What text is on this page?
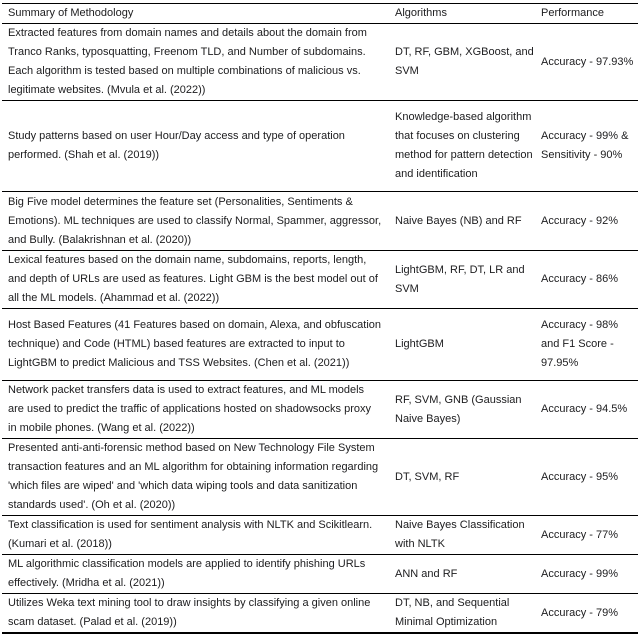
Summary of Methodology	Algorithms	Performance
Extracted features from domain names and details about the domain from Tranco Ranks, typosquatting, Freenom TLD, and Number of subdomains. Each algorithm is tested based on multiple combinations of malicious vs. legitimate websites. (Mvula et al. (2022))	DT, RF, GBM, XGBoost, and SVM	Accuracy - 97.93%
Study patterns based on user Hour/Day access and type of operation performed. (Shah et al. (2019))	Knowledge-based algorithm that focuses on clustering method for pattern detection and identification	Accuracy - 99% & Sensitivity - 90%
Big Five model determines the feature set (Personalities, Sentiments & Emotions). ML techniques are used to classify Normal, Spammer, aggressor, and Bully. (Balakrishnan et al. (2020))	Naive Bayes (NB) and RF	Accuracy - 92%
Lexical features based on the domain name, subdomains, reports, length, and depth of URLs are used as features. Light GBM is the best model out of all the ML models. (Ahammad et al. (2022))	LightGBM, RF, DT, LR and SVM	Accuracy - 86%
Host Based Features (41 Features based on domain, Alexa, and obfuscation technique) and Code (HTML) based features are extracted to input to LightGBM to predict Malicious and TSS Websites. (Chen et al. (2021))	LightGBM	Accuracy - 98% and F1 Score - 97.95%
Network packet transfers data is used to extract features, and ML models are used to predict the traffic of applications hosted on shadowsocks proxy in mobile phones. (Wang et al. (2022))	RF, SVM, GNB (Gaussian Naive Bayes)	Accuracy - 94.5%
Presented anti-anti-forensic method based on New Technology File System transaction features and an ML algorithm for obtaining information regarding 'which files are wiped' and 'which data wiping tools and data sanitization standards used'. (Oh et al. (2020))	DT, SVM, RF	Accuracy - 95%
Text classification is used for sentiment analysis with NLTK and Scikitlearn. (Kumari et al. (2018))	Naive Bayes Classification with NLTK	Accuracy - 77%
ML algorithmic classification models are applied to identify phishing URLs effectively. (Mridha et al. (2021))	ANN and RF	Accuracy - 99%
Utilizes Weka text mining tool to draw insights by classifying a given online scam dataset. (Palad et al. (2019))	DT, NB, and Sequential Minimal Optimization	Accuracy - 79%
